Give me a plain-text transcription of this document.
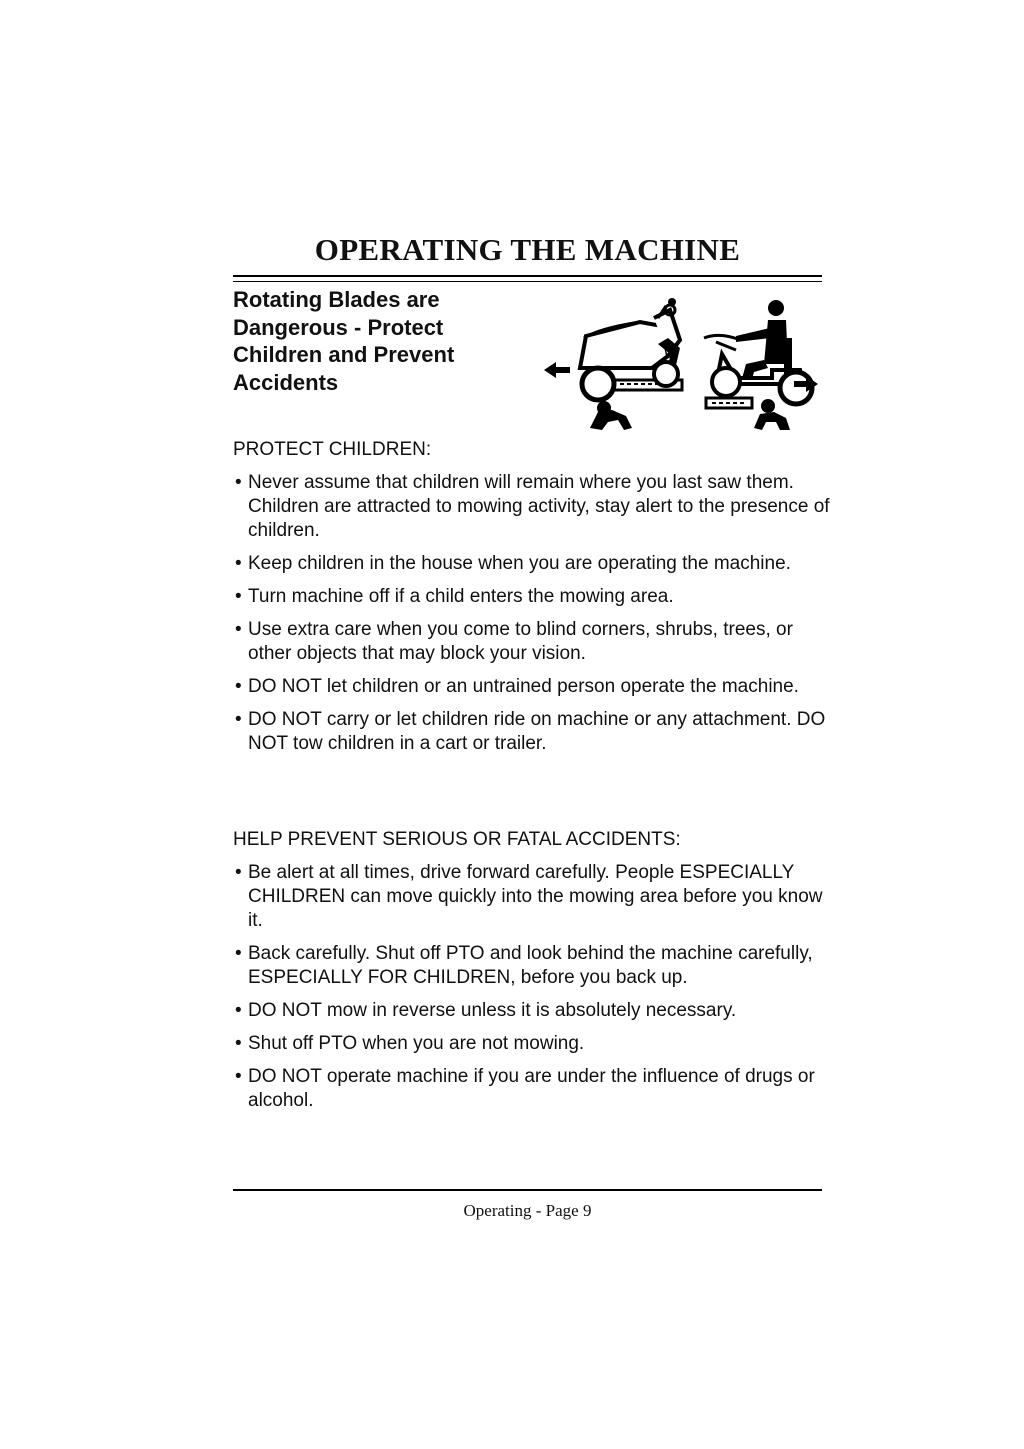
OPERATING THE MACHINE
Rotating Blades are Dangerous - Protect Children and Prevent Accidents

PROTECT CHILDREN:

• Never assume that children will remain where you last saw them. Children are attracted to mowing activity, stay alert to the presence of children.
• Keep children in the house when you are operating the machine.
• Turn machine off if a child enters the mowing area.
• Use extra care when you come to blind corners, shrubs, trees, or other objects that may block your vision.
• DO NOT let children or an untrained person operate the machine.
• DO NOT carry or let children ride on machine or any attachment. DO NOT tow children in a cart or trailer.

HELP PREVENT SERIOUS OR FATAL ACCIDENTS:

• Be alert at all times, drive forward carefully. People ESPECIALLY CHILDREN can move quickly into the mowing area before you know it.
• Back carefully. Shut off PTO and look behind the machine carefully, ESPECIALLY FOR CHILDREN, before you back up.
• DO NOT mow in reverse unless it is absolutely necessary.
• Shut off PTO when you are not mowing.
• DO NOT operate machine if you are under the influence of drugs or alcohol.
Operating - Page 9
